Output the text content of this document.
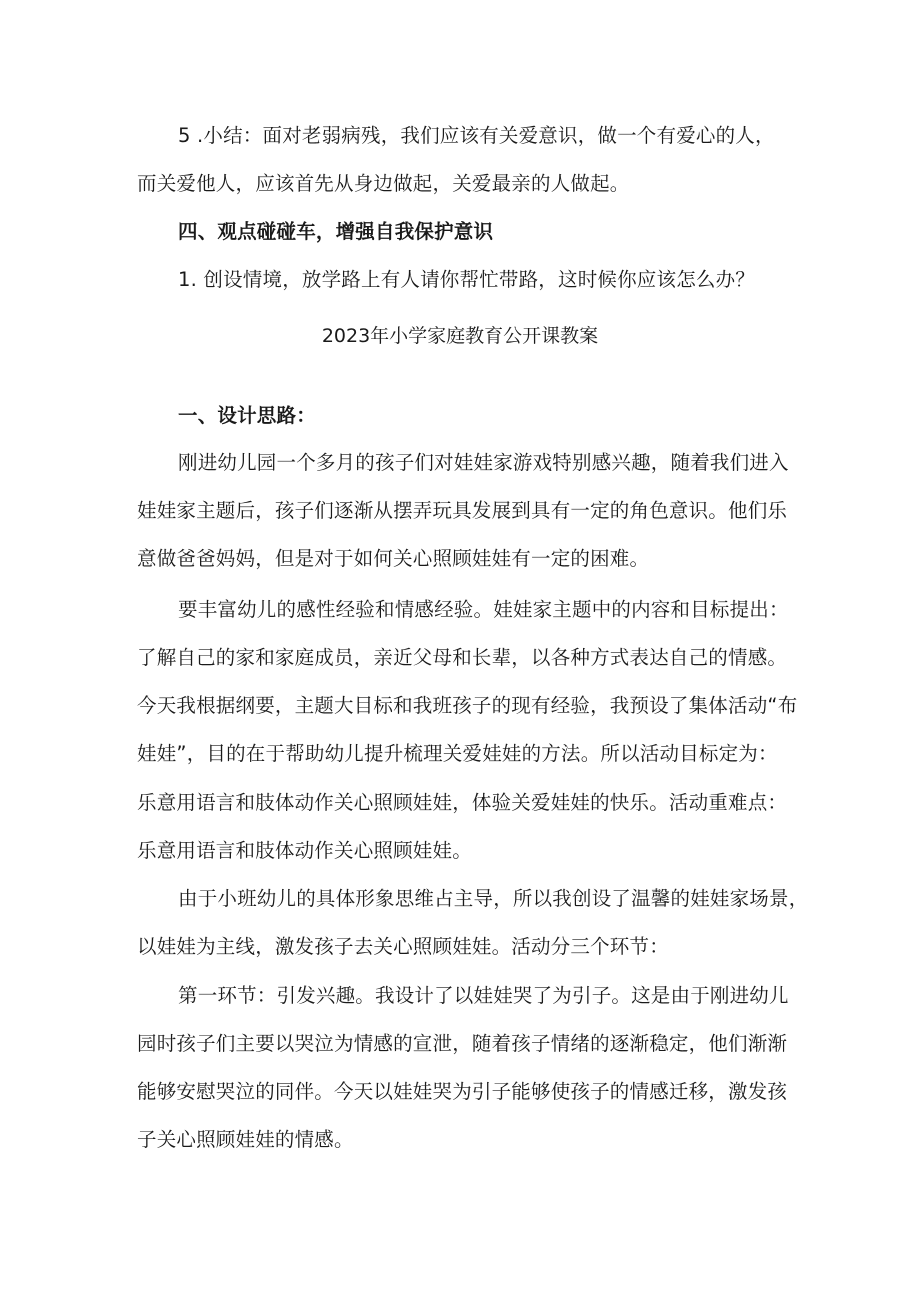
5 .小结：面对老弱病残，我们应该有关爱意识，做一个有爱心的人，
而关爱他人，应该首先从身边做起，关爱最亲的人做起。
四、观点碰碰车，增强自我保护意识
1. 创设情境，放学路上有人请你帮忙带路，这时候你应该怎么办？
2023年小学家庭教育公开课教案
一、设计思路：
刚进幼儿园一个多月的孩子们对娃娃家游戏特别感兴趣，随着我们进入
娃娃家主题后，孩子们逐渐从摆弄玩具发展到具有一定的角色意识。他们乐
意做爸爸妈妈，但是对于如何关心照顾娃娃有一定的困难。
要丰富幼儿的感性经验和情感经验。娃娃家主题中的内容和目标提出：
了解自己的家和家庭成员，亲近父母和长辈，以各种方式表达自己的情感。
今天我根据纲要，主题大目标和我班孩子的现有经验，我预设了集体活动“布
娃娃”，目的在于帮助幼儿提升梳理关爱娃娃的方法。所以活动目标定为：
乐意用语言和肢体动作关心照顾娃娃，体验关爱娃娃的快乐。活动重难点：
乐意用语言和肢体动作关心照顾娃娃。
由于小班幼儿的具体形象思维占主导，所以我创设了温馨的娃娃家场景，
以娃娃为主线，激发孩子去关心照顾娃娃。活动分三个环节：
第一环节：引发兴趣。我设计了以娃娃哭了为引子。这是由于刚进幼儿
园时孩子们主要以哭泣为情感的宣泄，随着孩子情绪的逐渐稳定，他们渐渐
能够安慰哭泣的同伴。今天以娃娃哭为引子能够使孩子的情感迁移，激发孩
子关心照顾娃娃的情感。
